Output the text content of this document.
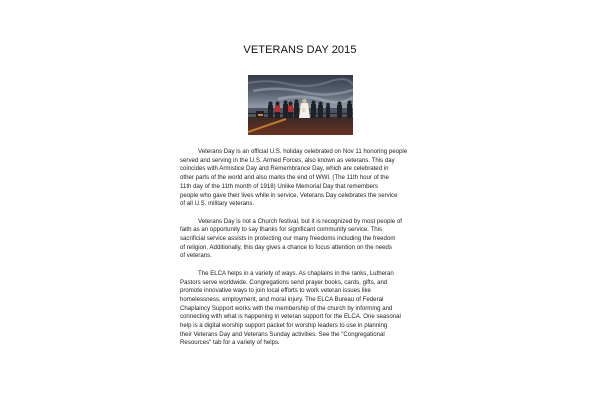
VETERANS DAY 2015

Veterans Day is an official U.S. holiday celebrated on Nov 11 honoring people
served and serving in the U.S. Armed Forces, also known as veterans. This day
coincides with Armistice Day and Remembrance Day, which are celebrated in
other parts of the world and also marks the end of WWI. (The 11th hour of the
11th day of the 11th month of 1918) Unlike Memorial Day that remembers
people who gave their lives while in service, Veterans Day celebrates the service
of all U.S. military veterans.

Veterans Day is not a Church festival, but it is recognized by most people of
faith as an opportunity to say thanks for significant community service. This
sacrificial service assists in protecting our many freedoms including the freedom
of religion. Additionally, this day gives a chance to focus attention on the needs
of veterans.

The ELCA helps in a variety of ways. As chaplains in the ranks, Lutheran
Pastors serve worldwide. Congregations send prayer books, cards, gifts, and
promote innovative ways to join local efforts to work veteran issues like
homelessness, employment, and moral injury. The ELCA Bureau of Federal
Chaplaincy Support works with the membership of the church by informing and
connecting with what is happening in veteran support for the ELCA. One seasonal
help is a digital worship support packet for worship leaders to use in planning
their Veterans Day and Veterans Sunday activities. See the "Congregational
Resources" tab for a variety of helps.
